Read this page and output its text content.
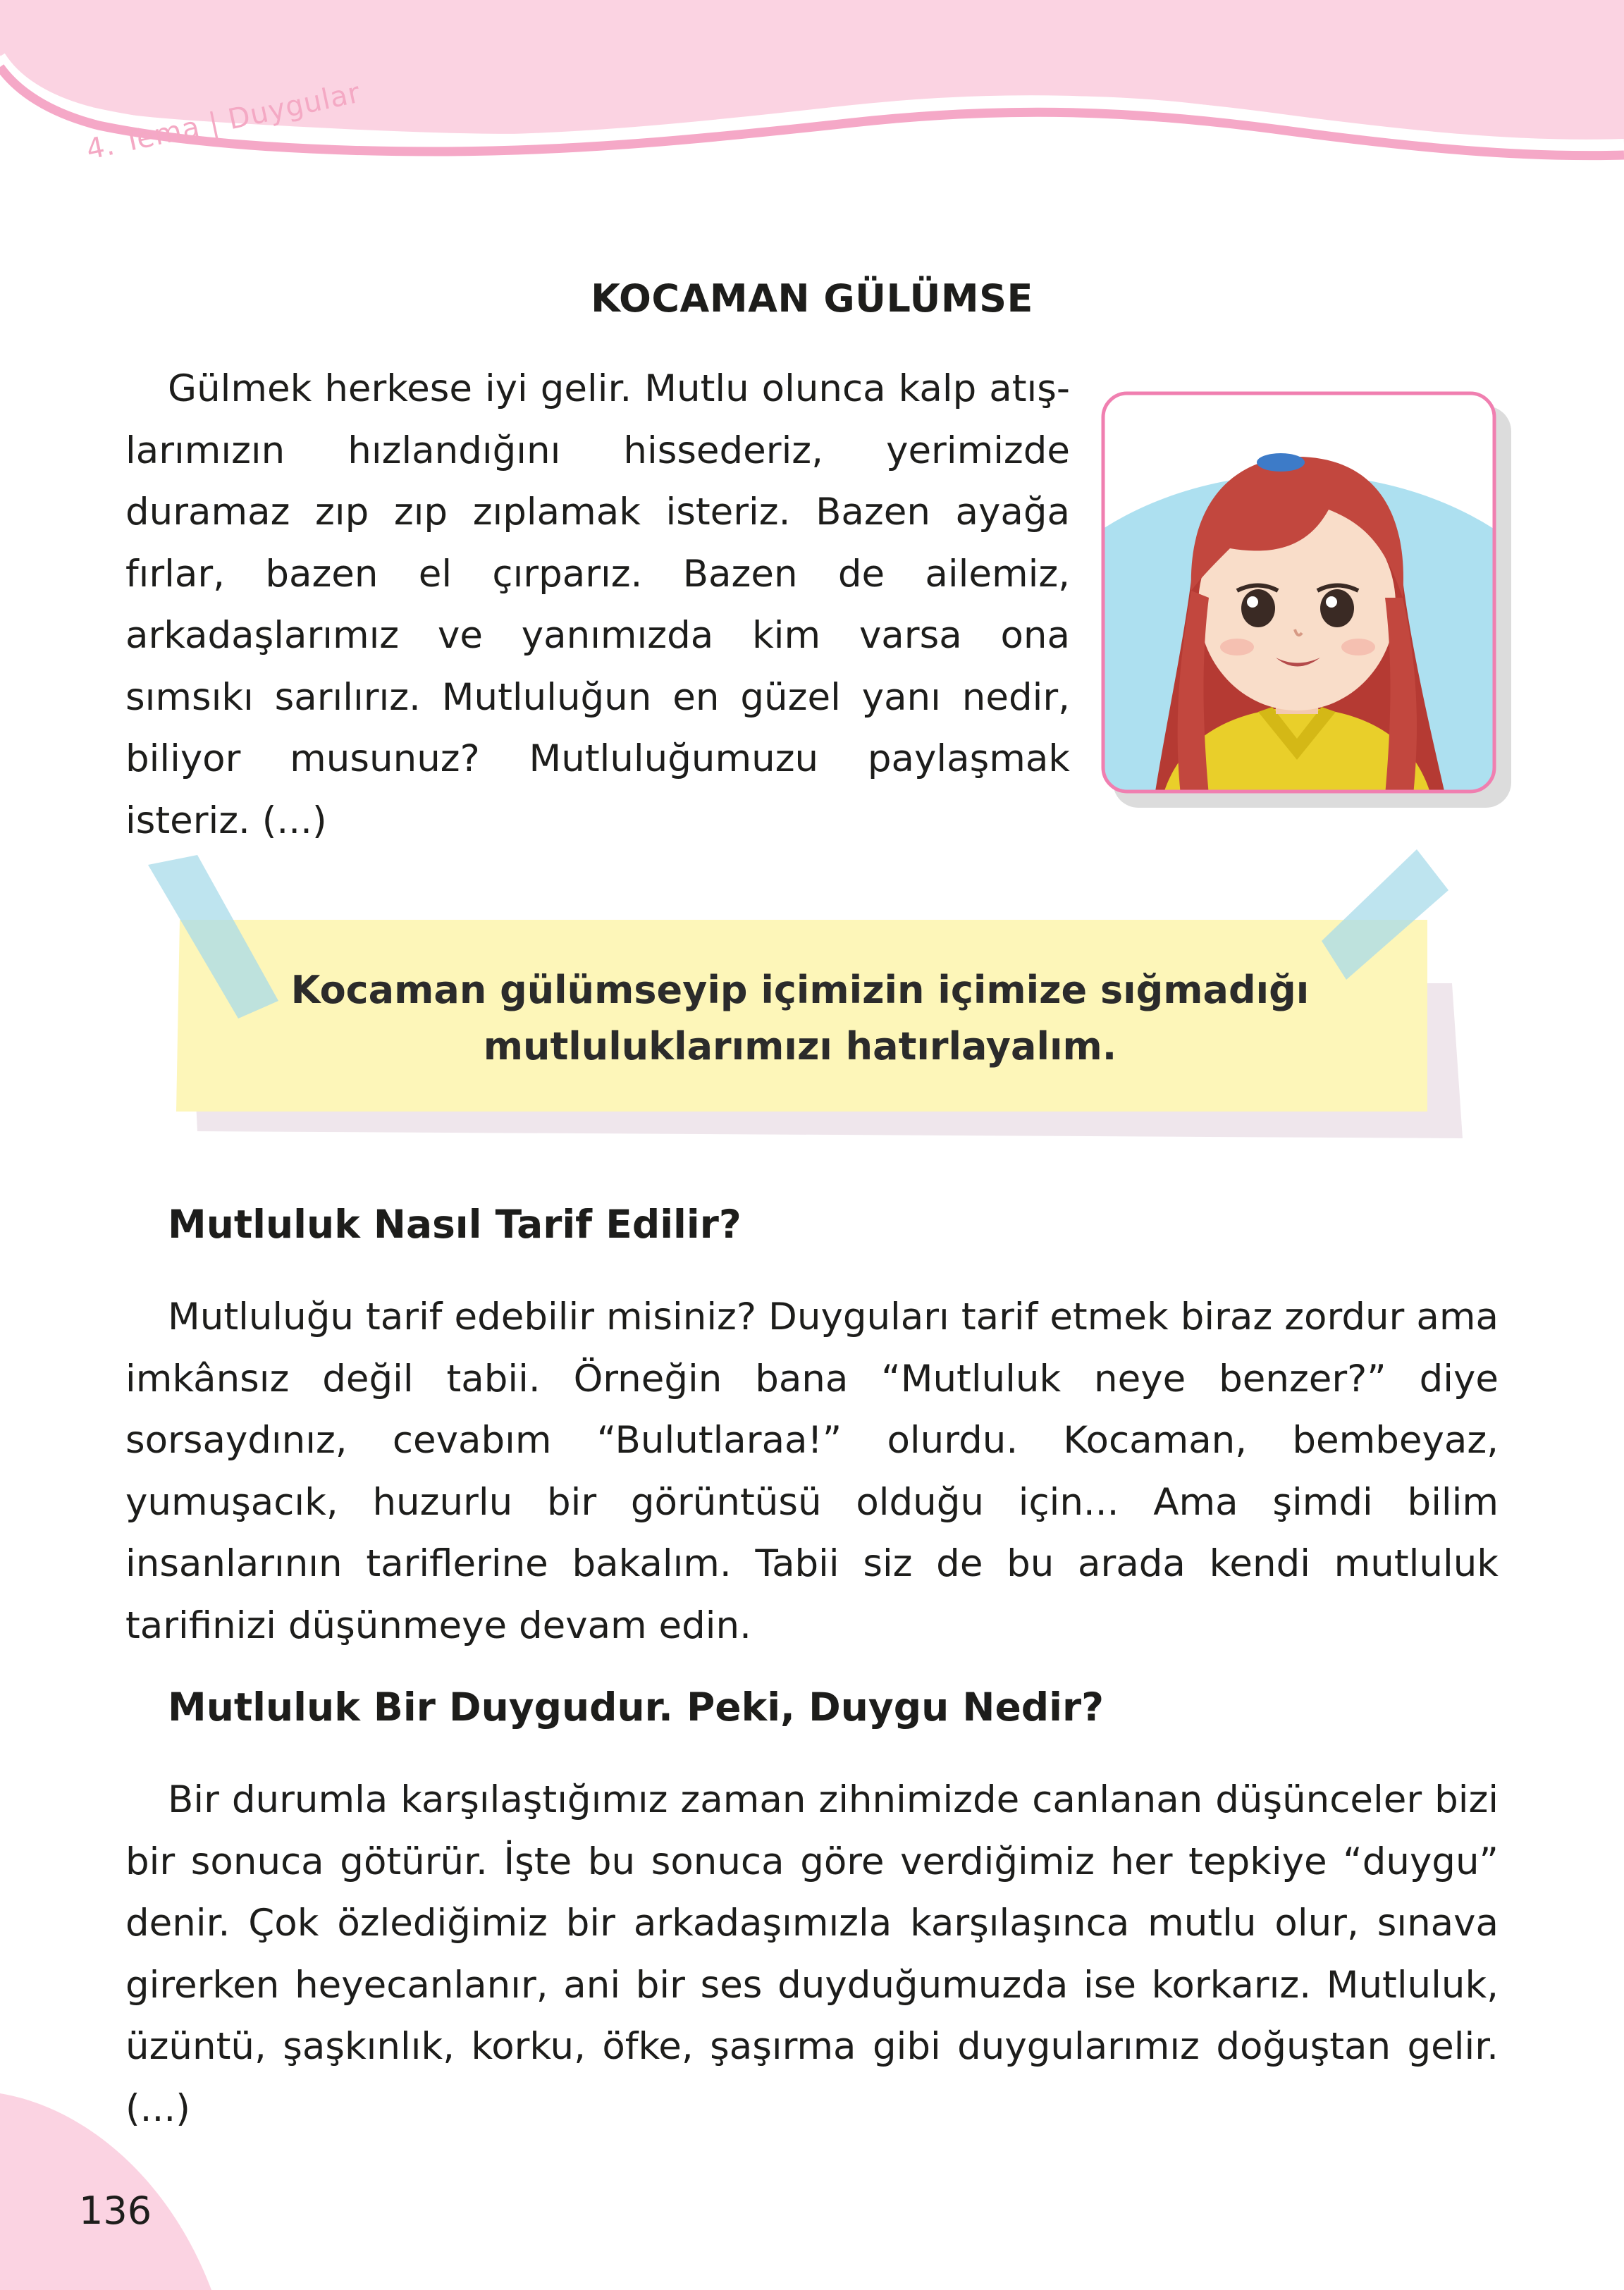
4. Tema | Duygular
KOCAMAN GÜLÜMSE

Gülmek herkese iyi gelir. Mutlu olunca kalp atışlarımızın hızlandığını hissederiz, yerimizde duramaz zıp zıp zıplamak isteriz. Bazen ayağa fırlar, bazen el çırparız. Bazen de ailemiz, arkadaşlarımız ve yanımızda kim varsa ona sımsıkı sarılırız. Mutluluğun en güzel yanı nedir, biliyor musunuz? Mutluluğumuzu paylaşmak isteriz. (...)

Kocaman gülümseyip içimizin içimize sığmadığı
mutluluklarımızı hatırlayalım.
Mutluluk Nasıl Tarif Edilir?

Mutluluğu tarif edebilir misiniz? Duyguları tarif etmek biraz zordur ama imkânsız değil tabii. Örneğin bana “Mutluluk neye benzer?” diye sorsaydınız, cevabım “Bulutlaraa!” olurdu. Kocaman, bembeyaz, yumuşacık, huzurlu bir görüntüsü olduğu için... Ama şimdi bilim insanlarının tariflerine bakalım. Tabii siz de bu arada kendi mutluluk tarifinizi düşünmeye devam edin.

Mutluluk Bir Duygudur. Peki, Duygu Nedir?

Bir durumla karşılaştığımız zaman zihnimizde canlanan düşünceler bizi bir sonuca götürür. İşte bu sonuca göre verdiğimiz her tepkiye “duygu” denir. Çok özlediğimiz bir arkadaşımızla karşılaşınca mutlu olur, sınava girerken heyecanlanır, ani bir ses duyduğumuzda ise korkarız. Mutluluk, üzüntü, şaşkınlık, korku, öfke, şaşırma gibi duygularımız doğuştan gelir. (...)

136
